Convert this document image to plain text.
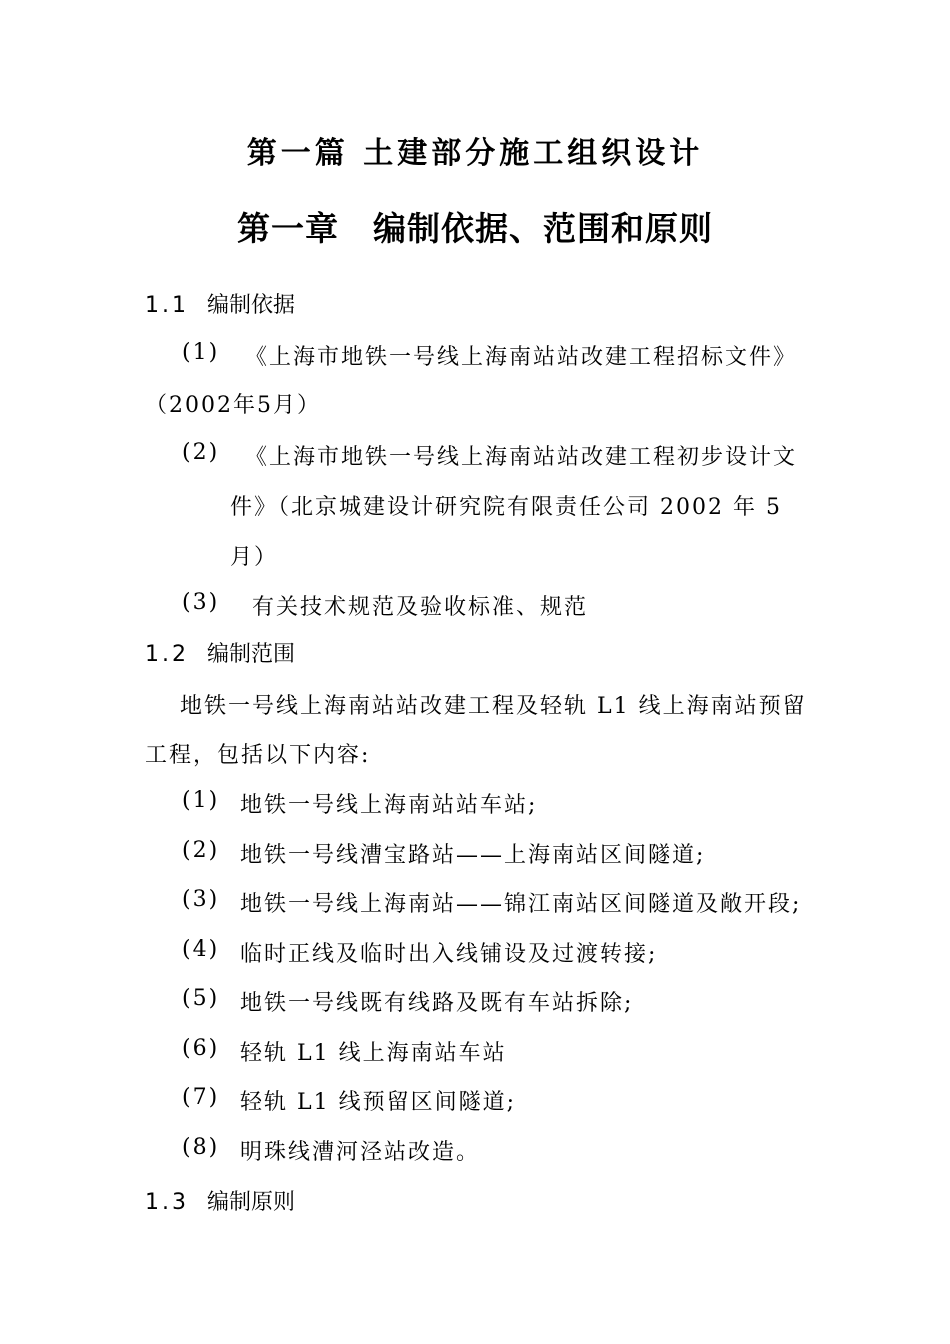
第一篇 土建部分施工组织设计
第一章　编制依据、范围和原则
1.1 编制依据
(1) 《上海市地铁一号线上海南站站改建工程招标文件》
（2002年5月）
(2) 《上海市地铁一号线上海南站站改建工程初步设计文
件》（北京城建设计研究院有限责任公司 2002 年 5
月）
(3) 有关技术规范及验收标准、规范
1.2 编制范围
地铁一号线上海南站站改建工程及轻轨 L1 线上海南站预留
工程，包括以下内容:
(1) 地铁一号线上海南站站车站;
(2) 地铁一号线漕宝路站——上海南站区间隧道;
(3) 地铁一号线上海南站——锦江南站区间隧道及敞开段;
(4) 临时正线及临时出入线铺设及过渡转接;
(5) 地铁一号线既有线路及既有车站拆除;
(6) 轻轨 L1 线上海南站车站
(7) 轻轨 L1 线预留区间隧道;
(8) 明珠线漕河泾站改造。
1.3 编制原则
